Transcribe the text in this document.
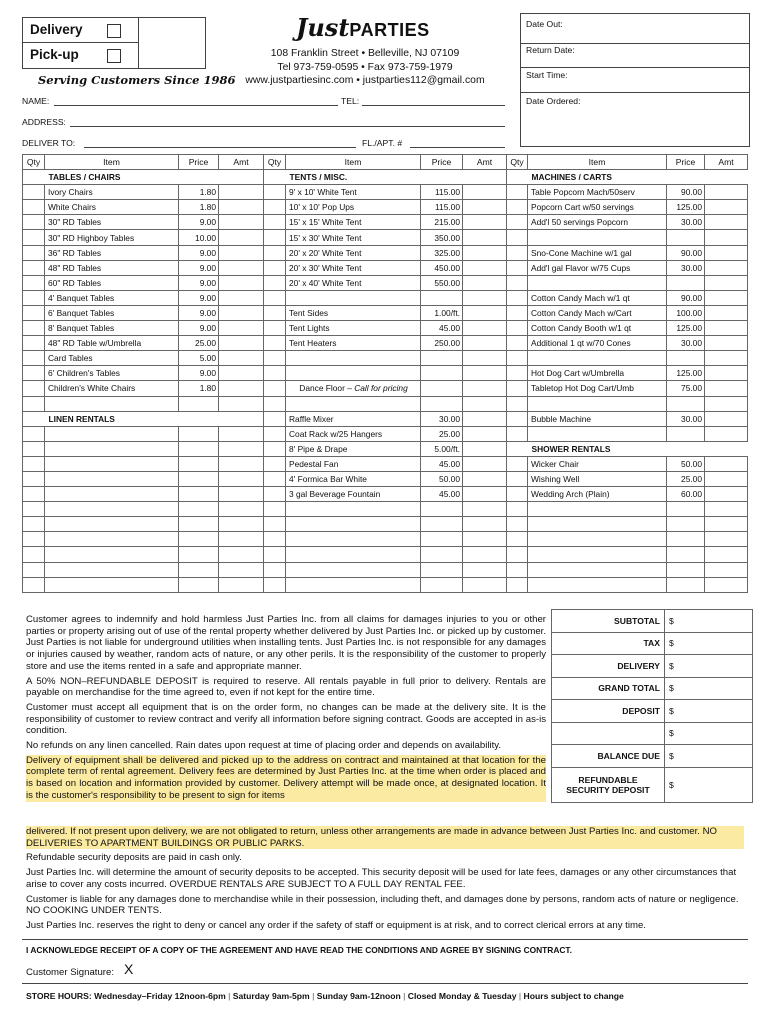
Delivery
Pick-up
Serving Customers Since 1986
JustPARTIES
108 Franklin Street • Belleville, NJ 07109
Tel 973-759-0595 • Fax 973-759-1979
www.justpartiesinc.com • justparties112@gmail.com
Date Out:
Return Date:
Start Time:
Date Ordered:
NAME:	TEL:
ADDRESS:
DELIVER TO:	FL./APT. #
Qty	Item	Price	Amt
	TABLES / CHAIRS		
	Ivory Chairs	1.80	
	White Chairs	1.80	
	30" RD Tables	9.00	
	30" RD Highboy Tables	10.00	
	36" RD Tables	9.00	
	48" RD Tables	9.00	
	60" RD Tables	9.00	
	4' Banquet Tables	9.00	
	6' Banquet Tables	9.00	
	8' Banquet Tables	9.00	
	48" RD Table w/Umbrella	25.00	
	Card Tables	5.00	
	6' Children's Tables	9.00	
	Children's White Chairs	1.80	

	LINEN RENTALS		

Qty	Item	Price	Amt
	TENTS / MISC.		
	9' x 10' White Tent	115.00	
	10' x 10' Pop Ups	115.00	
	15' x 15' White Tent	215.00	
	15' x 30' White Tent	350.00	
	20' x 20' White Tent	325.00	
	20' x 30' White Tent	450.00	
	20' x 40' White Tent	550.00	

	Tent Sides	1.00/ft.	
	Tent Lights	45.00	
	Tent Heaters	250.00	

	Dance Floor – Call for pricing		

	Raffle Mixer	30.00	
	Coat Rack w/25 Hangers	25.00	
	8' Pipe & Drape	5.00/ft.	
	Pedestal Fan	45.00	
	4' Formica Bar White	50.00	
	3 gal Beverage Fountain	45.00	

Qty	Item	Price	Amt
	MACHINES / CARTS		
	Table Popcorn Mach/50serv	90.00	
	Popcorn Cart w/50 servings	125.00	
	Add'l 50 servings Popcorn	30.00	

	Sno-Cone Machine w/1 gal	90.00	
	Add'l gal Flavor w/75 Cups	30.00	

	Cotton Candy Mach w/1 qt	90.00	
	Cotton Candy Mach w/Cart	100.00	
	Cotton Candy Booth w/1 qt	125.00	
	Additional 1 qt w/70 Cones	30.00	

	Hot Dog Cart w/Umbrella	125.00	
	Tabletop Hot Dog Cart/Umb	75.00	

	Bubble Machine	30.00	

	SHOWER RENTALS		
	Wicker Chair	50.00	
	Wishing Well	25.00	
	Wedding Arch (Plain)	60.00	

SUBTOTAL	$
TAX	$
DELIVERY	$
GRAND TOTAL	$
DEPOSIT	$
	$
BALANCE DUE	$
REFUNDABLE SECURITY DEPOSIT	$
Customer agrees to indemnify and hold harmless Just Parties Inc. from all claims for damages injuries to you or other parties or property arising out of use of the rental property whether delivered by Just Parties Inc. or picked up by customer. Just Parties is not liable for underground utilities when installing tents. Just Parties Inc. is not responsible for any damages or injuries caused by weather, random acts of nature, or any other perils. It is the responsibility of the customer to properly store and use the items rented in a safe and appropriate manner.
A 50% NON–REFUNDABLE DEPOSIT is required to reserve. All rentals payable in full prior to delivery. Rentals are payable on merchandise for the time agreed to, even if not kept for the entire time.
Customer must accept all equipment that is on the order form, no changes can be made at the delivery site. It is the responsibility of customer to review contract and verify all information before signing contract. Goods are accepted in as-is condition.
No refunds on any linen cancelled. Rain dates upon request at time of placing order and depends on availability.
Delivery of equipment shall be delivered and picked up to the address on contract and maintained at that location for the complete term of rental agreement. Delivery fees are determined by Just Parties Inc. at the time when order is placed and is based on location and information provided by customer. Delivery attempt will be made once, at designated location. It is the customer's responsibility to be present to sign for items
delivered. If not present upon delivery, we are not obligated to return, unless other arrangements are made in advance between Just Parties Inc. and customer. NO DELIVERIES TO APARTMENT BUILDINGS OR PUBLIC PARKS.
Refundable security deposits are paid in cash only.
Just Parties Inc. will determine the amount of security deposits to be accepted. This security deposit will be used for late fees, damages or any other circumstances that arise to cover any costs incurred. OVERDUE RENTALS ARE SUBJECT TO A FULL DAY RENTAL FEE.
Customer is liable for any damages done to merchandise while in their possession, including theft, and damages done by persons, random acts of nature or negligence. NO COOKING UNDER TENTS.
Just Parties Inc. reserves the right to deny or cancel any order if the safety of staff or equipment is at risk, and to correct clerical errors at any time.
I ACKNOWLEDGE RECEIPT OF A COPY OF THE AGREEMENT AND HAVE READ THE CONDITIONS AND AGREE BY SIGNING CONTRACT.
Customer Signature: X
STORE HOURS: Wednesday–Friday 12noon-6pm | Saturday 9am-5pm | Sunday 9am-12noon | Closed Monday & Tuesday | Hours subject to change
